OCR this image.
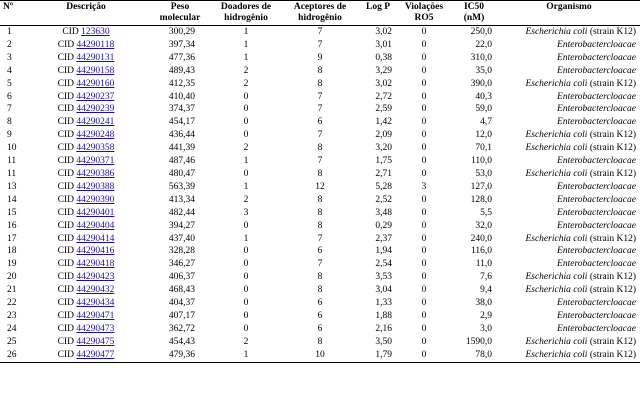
Nº	Descrição	Peso	Doadores de	Aceptores de	Log P	Violações	IC50	Organismo
		molecular	hidrogênio	hidrogênio		RO5	(nM)	
1	CID 123630	300,29	1	7	3,02	0	250,0	Escherichia coli (strain K12)
2	CID 44290118	397,34	1	7	3,01	0	22,0	Enterobactercloacae
3	CID 44290131	477,36	1	9	0,38	0	310,0	Enterobactercloacae
4	CID 44290158	489,43	2	8	3,29	0	35,0	Enterobactercloacae
5	CID 44290160	412,35	2	8	3,02	0	390,0	Escherichia coli (strain K12)
6	CID 44290237	410,40	0	7	2,72	0	40,3	Enterobactercloacae
7	CID 44290239	374,37	0	7	2,59	0	59,0	Enterobactercloacae
8	CID 44290241	454,17	0	6	1,42	0	4,7	Enterobactercloacae
9	CID 44290248	436,44	0	7	2,09	0	12,0	Escherichia coli (strain K12)
10	CID 44290358	441,39	2	8	3,20	0	70,1	Escherichia coli (strain K12)
11	CID 44290371	487,46	1	7	1,75	0	110,0	Enterobactercloacae
11	CID 44290386	480,47	0	8	2,71	0	53,0	Escherichia coli (strain K12)
13	CID 44290388	563,39	1	12	5,28	3	127,0	Enterobactercloacae
14	CID 44290390	413,34	2	8	2,52	0	128,0	Enterobactercloacae
15	CID 44290401	482,44	3	8	3,48	0	5,5	Enterobactercloacae
16	CID 44290404	394,27	0	8	0,29	0	32,0	Enterobactercloacae
17	CID 44290414	437,40	1	7	2,37	0	240,0	Escherichia coli (strain K12)
18	CID 44290416	328,28	0	6	1,94	0	116,0	Enterobactercloacae
19	CID 44290418	346,27	0	7	2,54	0	11,0	Enterobactercloacae
20	CID 44290423	406,37	0	8	3,53	0	7,6	Escherichia coli (strain K12)
21	CID 44290432	468,43	0	8	3,04	0	9,4	Escherichia coli (strain K12)
22	CID 44290434	404,37	0	6	1,33	0	38,0	Enterobactercloacae
23	CID 44290471	407,17	0	6	1,88	0	2,9	Enterobactercloacae
24	CID 44290473	362,72	0	6	2,16	0	3,0	Enterobactercloacae
25	CID 44290475	454,43	2	8	3,50	0	1590,0	Escherichia coli (strain K12)
26	CID 44290477	479,36	1	10	1,79	0	78,0	Escherichia coli (strain K12)
